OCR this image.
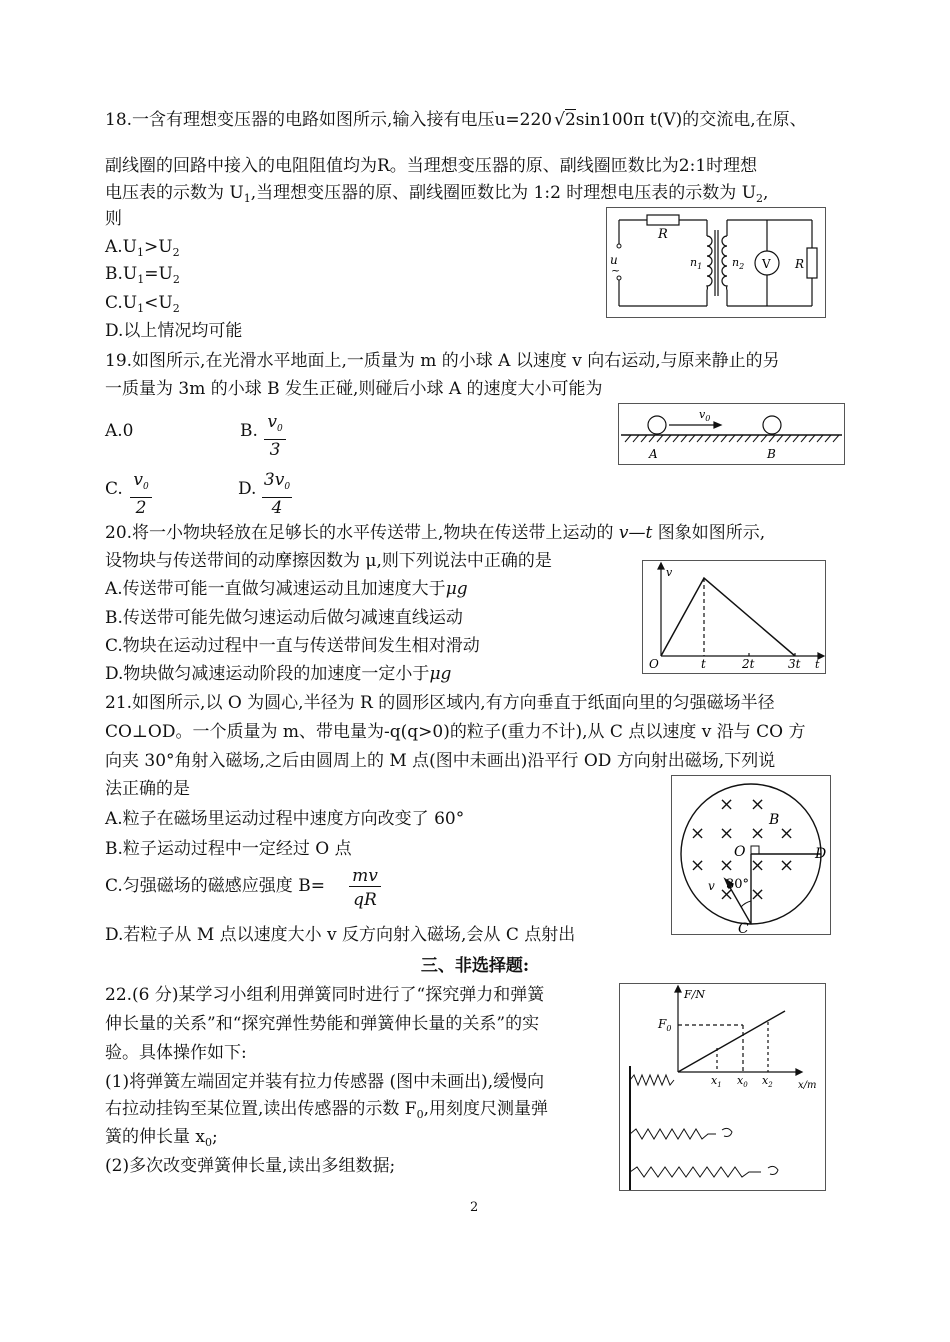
18.一含有理想变压器的电路如图所示,输入接有电压u=220 √2sin100π t(V)的交流电,在原、
副线圈的回路中接入的电阻阻值均为R。当理想变压器的原、副线圈匝数比为2:1时理想
电压表的示数为 $U_1$,当理想变压器的原、副线圈匝数比为 1:2 时理想电压表的示数为 $U_2$,
则
$A.U_1>U_2$
$B.U_1=U_2$
$C.U_1<U_2$
D.以上情况均可能
R
u
~
$n_1$	$n_2$ V R
19.如图所示,在光滑水平地面上,一质量为 m 的小球 A 以速度 v 向右运动,与原来静止的另
一质量为 3m 的小球 B 发生正碰,则碰后小球 A 的速度大小可能为
A.0	B. $\frac{v_0}{3}$
C. $\frac{v_0}{2}$	D. $\frac{3v_0}{4}$
$v_0$
A	B
20.将一小物块轻放在足够长的水平传送带上,物块在传送带上运动的 v—t 图象如图所示,
设物块与传送带间的动摩擦因数为 μ,则下列说法中正确的是
A.传送带可能一直做匀减速运动且加速度大于μg
B.传送带可能先做匀速运动后做匀减速直线运动
C.物块在运动过程中一直与传送带间发生相对滑动
D.物块做匀减速运动阶段的加速度一定小于μg
v
O	t	2t	3t t
21.如图所示,以 O 为圆心,半径为 R 的圆形区域内,有方向垂直于纸面向里的匀强磁场半径
CO⊥OD。一个质量为 m、带电量为-q(q>0)的粒子(重力不计),从 C 点以速度 v 沿与 CO 方
向夹 30°角射入磁场,之后由圆周上的 M 点(图中未画出)沿平行 OD 方向射出磁场,下列说
法正确的是
A.粒子在磁场里运动过程中速度方向改变了 60°
B.粒子运动过程中一定经过 O 点
C.匀强磁场的磁感应强度 $B= \frac{mv}{qR}$
D.若粒子从 M 点以速度大小 v 反方向射入磁场,会从 C 点射出
× ×
× × × ×
× × × ×
× ×
B
O	D
C
v 30°
三、非选择题:
22.(6 分)某学习小组利用弹簧同时进行了“探究弹力和弹簧
伸长量的关系”和“探究弹性势能和弹簧伸长量的关系”的实
验。具体操作如下:
(1)将弹簧左端固定并装有拉力传感器 (图中未画出),缓慢向
右拉动挂钩至某位置,读出传感器的示数 $F_0$,用刻度尺测量弹
簧的伸长量 $x_0$;
(2)多次改变弹簧伸长量,读出多组数据;
F/N
$F_0$
$x_1$ $x_0$ $x_2$	x/m
2
